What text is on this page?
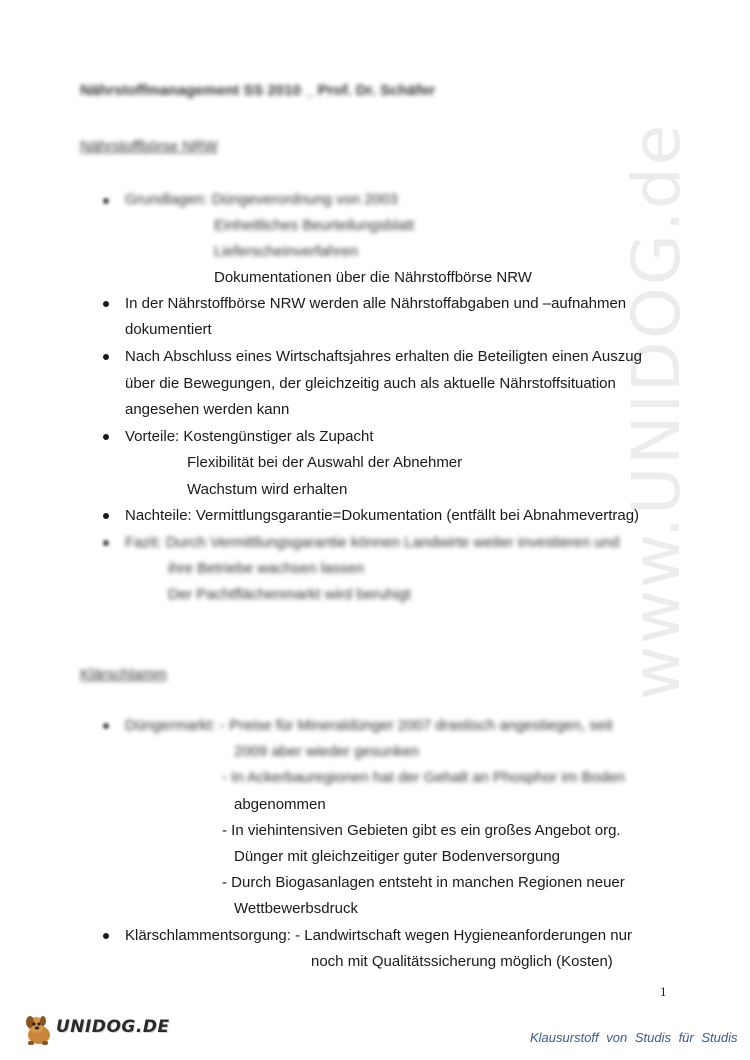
www.UNIDOG.de
Nährstoffmanagement SS 2010 _ Prof. Dr. Schäfer
Nährstoffbörse NRW
Grundlagen: Düngeverordnung von 2003
Einheitliches Beurteilungsblatt
Lieferscheinverfahren
Dokumentationen über die Nährstoffbörse NRW
In der Nährstoffbörse NRW werden alle Nährstoffabgaben und –aufnahmen
dokumentiert
Nach Abschluss eines Wirtschaftsjahres erhalten die Beteiligten einen Auszug
über die Bewegungen, der gleichzeitig auch als aktuelle Nährstoffsituation
angesehen werden kann
Vorteile: Kostengünstiger als Zupacht
Flexibilität bei der Auswahl der Abnehmer
Wachstum wird erhalten
Nachteile: Vermittlungsgarantie=Dokumentation (entfällt bei Abnahmevertrag)
Fazit: Durch Vermittlungsgarantie können Landwirte weiter investieren und
ihre Betriebe wachsen lassen
Der Pachtflächenmarkt wird beruhigt
Klärschlamm
Düngermarkt: - Preise für Mineraldünger 2007 drastisch angestiegen, seit
2009 aber wieder gesunken
- In Ackerbauregionen hat der Gehalt an Phosphor im Boden
abgenommen
- In viehintensiven Gebieten gibt es ein großes Angebot org.
Dünger mit gleichzeitiger guter Bodenversorgung
- Durch Biogasanlagen entsteht in manchen Regionen neuer
Wettbewerbsdruck
Klärschlammentsorgung: - Landwirtschaft wegen Hygieneanforderungen nur
noch mit Qualitätssicherung möglich (Kosten)
1
UNIDOG.DE
Klausurstoff von Studis für Studis
